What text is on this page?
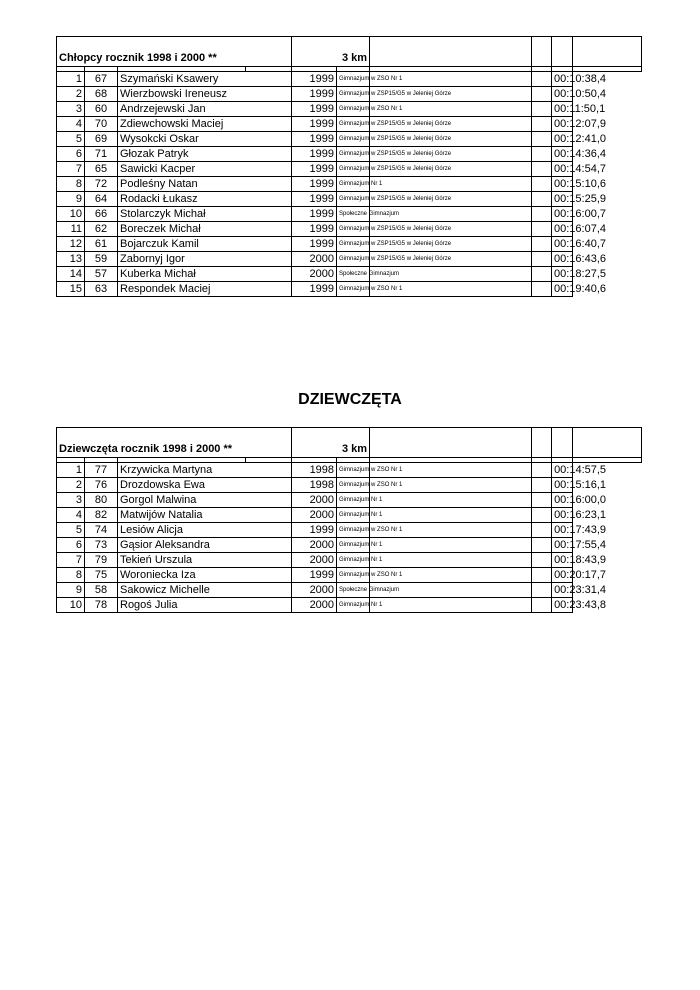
Chłopcy rocznik 1998 i 2000 **				3 km					

1	67	Szymański Ksawery		1999	Gimnazjum w ZSO Nr 1			00:10:38,4	
2	68	Wierzbowski Ireneusz		1999	Gimnazjum w ZSP15/G5 w Jeleniej Górze			00:10:50,4	
3	60	Andrzejewski Jan		1999	Gimnazjum w ZSO Nr 1			00:11:50,1	
4	70	Zdiewchowski Maciej		1999	Gimnazjum w ZSP15/G5 w Jeleniej Górze			00:12:07,9	
5	69	Wysokcki Oskar		1999	Gimnazjum w ZSP15/G5 w Jeleniej Górze			00:12:41,0	
6	71	Głozak Patryk		1999	Gimnazjum w ZSP15/G5 w Jeleniej Górze			00:14:36,4	
7	65	Sawicki Kacper		1999	Gimnazjum w ZSP15/G5 w Jeleniej Górze			00:14:54,7	
8	72	Podleśny Natan		1999	Gimnazjum Nr 1			00:15:10,6	
9	64	Rodacki Łukasz		1999	Gimnazjum w ZSP15/G5 w Jeleniej Górze			00:15:25,9	
10	66	Stolarczyk Michał		1999	Społeczne Gimnazjum			00:16:00,7	
11	62	Boreczek Michał		1999	Gimnazjum w ZSP15/G5 w Jeleniej Górze			00:16:07,4	
12	61	Bojarczuk Kamil		1999	Gimnazjum w ZSP15/G5 w Jeleniej Górze			00:16:40,7	
13	59	Zabornyj Igor		2000	Gimnazjum w ZSP15/G5 w Jeleniej Górze			00:16:43,6	
14	57	Kuberka Michał		2000	Społeczne Gimnazjum			00:18:27,5	
15	63	Respondek Maciej		1999	Gimnazjum w ZSO Nr 1			00:19:40,6	
DZIEWCZĘTA
Dziewczęta rocznik 1998 i 2000 **				3 km					

1	77	Krzywicka Martyna		1998	Gimnazjum w ZSO Nr 1			00:14:57,5	
2	76	Drozdowska Ewa		1998	Gimnazjum w ZSO Nr 1			00:15:16,1	
3	80	Gorgol Malwina		2000	Gimnazjum Nr 1			00:16:00,0	
4	82	Matwijów Natalia		2000	Gimnazjum Nr 1			00:16:23,1	
5	74	Lesiów Alicja		1999	Gimnazjum w ZSO Nr 1			00:17:43,9	
6	73	Gąsior Aleksandra		2000	Gimnazjum Nr 1			00:17:55,4	
7	79	Tekień Urszula		2000	Gimnazjum Nr 1			00:18:43,9	
8	75	Woroniecka Iza		1999	Gimnazjum w ZSO Nr 1			00:20:17,7	
9	58	Sakowicz Michelle		2000	Społeczne Gimnazjum			00:23:31,4	
10	78	Rogoś Julia		2000	Gimnazjum Nr 1			00:23:43,8	
